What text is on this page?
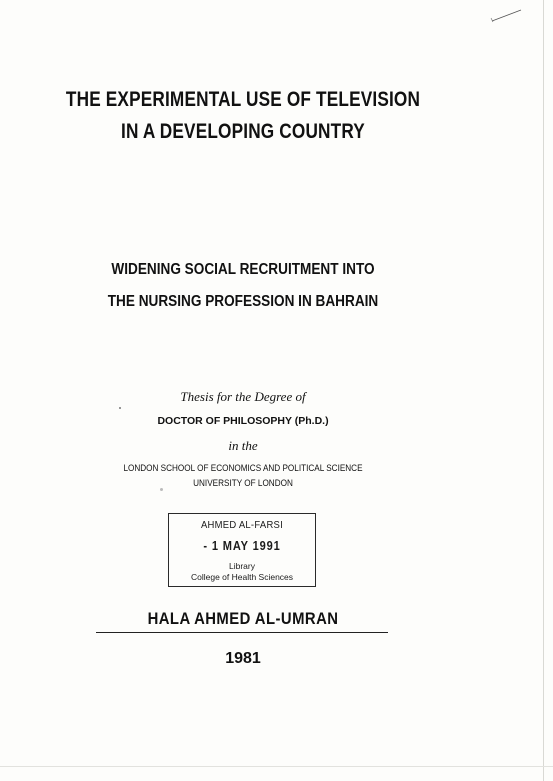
THE EXPERIMENTAL USE OF TELEVISION
IN A DEVELOPING COUNTRY
WIDENING SOCIAL RECRUITMENT INTO
THE NURSING PROFESSION IN BAHRAIN
Thesis for the Degree of
DOCTOR OF PHILOSOPHY (Ph.D.)
in the
LONDON SCHOOL OF ECONOMICS AND POLITICAL SCIENCE
UNIVERSITY OF LONDON
AHMED AL-FARSI
- 1 MAY 1991
Library
College of Health Sciences
HALA AHMED AL-UMRAN
1981
